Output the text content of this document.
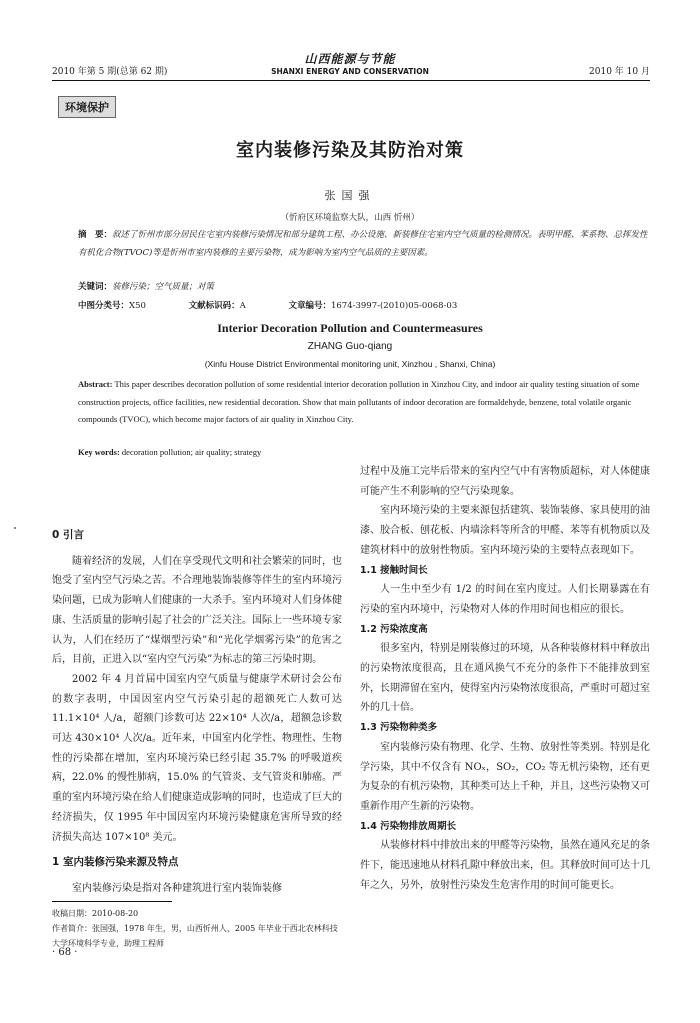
2010 年第 5 期(总第 62 期)
山西能源与节能
SHANXI ENERGY AND CONSERVATION	2010 年 10 月
环境保护
室内装修污染及其防治对策
张国强
（忻府区环境监察大队，山西 忻州）
摘　要：叙述了忻州市部分居民住宅室内装修污染情况和部分建筑工程、办公设施、新装修住宅室内空气质量的检测情况。表明甲醛、苯系物、总挥发性有机化合物(TVOC)等是忻州市室内装修的主要污染物，成为影响为室内空气品质的主要因素。
关键词：装修污染；空气质量；对策
中图分类号：X50	文献标识码：A	文章编号：1674-3997-(2010)05-0068-03
Interior Decoration Pollution and Countermeasures
ZHANG Guo-qiang
(Xinfu House District Environmental monitoring unit, Xinzhou , Shanxi, China)
Abstract: This paper describes decoration pollution of some residential interior decoration pollution in Xinzhou City, and indoor air quality testing situation of some construction projects, office facilities, new residential decoration. Show that main pollutants of indoor decoration are formaldehyde, benzene, total volatile organic compounds (TVOC), which become major factors of air quality in Xinzhou City.
Key words: decoration pollution; air quality; strategy

0 引言

随着经济的发展，人们在享受现代文明和社会繁荣的同时，也饱受了室内空气污染之苦。不合理地装饰装修等伴生的室内环境污染问题，已成为影响人们健康的一大杀手。室内环境对人们身体健康、生活质量的影响引起了社会的广泛关注。国际上一些环境专家认为，人们在经历了“煤烟型污染”和“光化学烟雾污染”的危害之后，目前，正进入以“室内空气污染”为标志的第三污染时期。

2002 年 4 月首届中国室内空气质量与健康学术研讨会公布的数字表明，中国因室内空气污染引起的超额死亡人数可达 11.1×10⁴ 人/a，超额门诊数可达 22×10⁴ 人次/a，超额急诊数可达 430×10⁴ 人次/a。近年来，中国室内化学性、物理性、生物性的污染都在增加，室内环境污染已经引起 35.7% 的呼吸道疾病，22.0% 的慢性肺病，15.0% 的气管炎、支气管炎和肺癌。严重的室内环境污染在给人们健康造成影响的同时，也造成了巨大的经济损失，仅 1995 年中国因室内环境污染健康危害所导致的经济损失高达 107×10⁸ 美元。

1 室内装修污染来源及特点

室内装修污染是指对各种建筑进行室内装饰装修

过程中及施工完毕后带来的室内空气中有害物质超标，对人体健康可能产生不利影响的空气污染现象。

室内环境污染的主要来源包括建筑、装饰装修、家具使用的油漆、胶合板、刨花板、内墙涂料等所含的甲醛、苯等有机物质以及建筑材料中的放射性物质。室内环境污染的主要特点表现如下。

1.1 接触时间长

人一生中至少有 1/2 的时间在室内度过。人们长期暴露在有污染的室内环境中，污染物对人体的作用时间也相应的很长。

1.2 污染浓度高

很多室内，特别是刚装修过的环境，从各种装修材料中释放出的污染物浓度很高，且在通风换气不充分的条件下不能排放到室外，长期滞留在室内，使得室内污染物浓度很高，严重时可超过室外的几十倍。

1.3 污染物种类多

室内装修污染有物理、化学、生物、放射性等类别。特别是化学污染，其中不仅含有 NOₓ，SO₂，CO₂ 等无机污染物，还有更为复杂的有机污染物，其种类可达上千种，并且，这些污染物又可重新作用产生新的污染物。

1.4 污染物排放周期长

从装修材料中排放出来的甲醛等污染物，虽然在通风充足的条件下，能迅速地从材料孔隙中释放出来，但。其释放时间可达十几年之久，另外，放射性污染发生危害作用的时间可能更长。

收稿日期：2010-08-20
作者简介：张国强，1978 年生，男，山西忻州人，2005 年毕业于西北农林科技大学环境科学专业，助理工程师
· 68 ·
